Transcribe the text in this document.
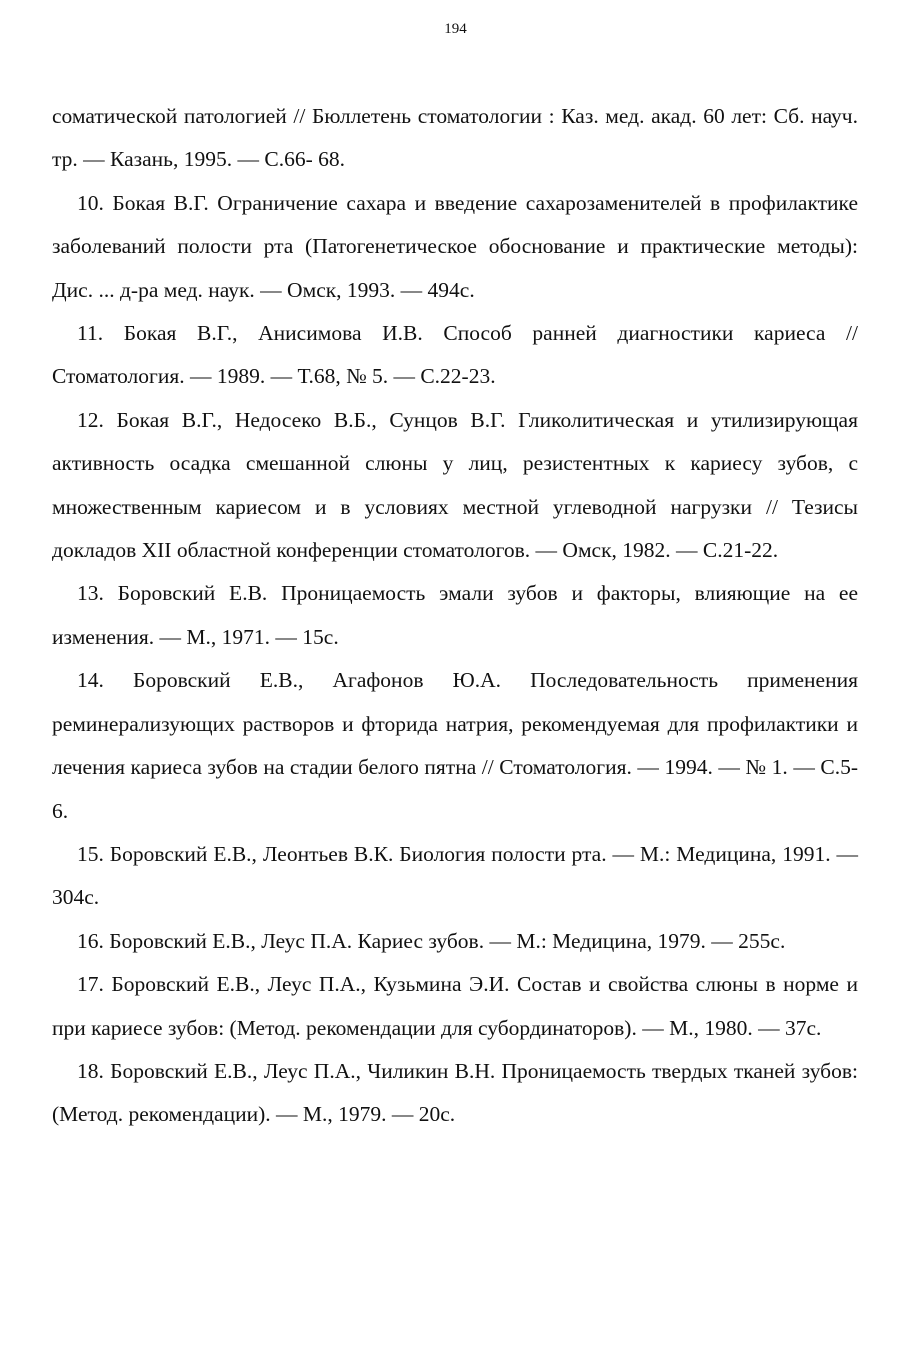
194

соматической патологией // Бюллетень стоматологии : Каз. мед. акад. 60 лет: Сб. науч. тр. — Казань, 1995. — С.66- 68.

10. Бокая В.Г. Ограничение сахара и введение сахарозаменителей в профилактике заболеваний полости рта (Патогенетическое обоснование и практические методы): Дис. ... д-ра мед. наук. — Омск, 1993. — 494с.

11. Бокая В.Г., Анисимова И.В. Способ ранней диагностики кариеса // Стоматология. — 1989. — Т.68, № 5. — С.22-23.

12. Бокая В.Г., Недосеко В.Б., Сунцов В.Г. Гликолитическая и утилизирующая активность осадка смешанной слюны у лиц, резистентных к кариесу зубов, с множественным кариесом и в условиях местной углеводной нагрузки // Тезисы докладов XII областной конференции стоматологов. — Омск, 1982. — С.21-22.

13. Боровский Е.В. Проницаемость эмали зубов и факторы, влияющие на ее изменения. — М., 1971. — 15с.

14. Боровский Е.В., Агафонов Ю.А. Последовательность применения реминерализующих растворов и фторида натрия, рекомендуемая для профилактики и лечения кариеса зубов на стадии белого пятна // Стоматология. — 1994. — № 1. — С.5-6.

15. Боровский Е.В., Леонтьев В.К. Биология полости рта. — М.: Медицина, 1991. — 304с.

16. Боровский Е.В., Леус П.А. Кариес зубов. — М.: Медицина, 1979. — 255с.

17. Боровский Е.В., Леус П.А., Кузьмина Э.И. Состав и свойства слюны в норме и при кариесе зубов: (Метод. рекомендации для субординаторов). — М., 1980. — 37с.

18. Боровский Е.В., Леус П.А., Чиликин В.Н. Проницаемость твердых тканей зубов: (Метод. рекомендации). — М., 1979. — 20с.
